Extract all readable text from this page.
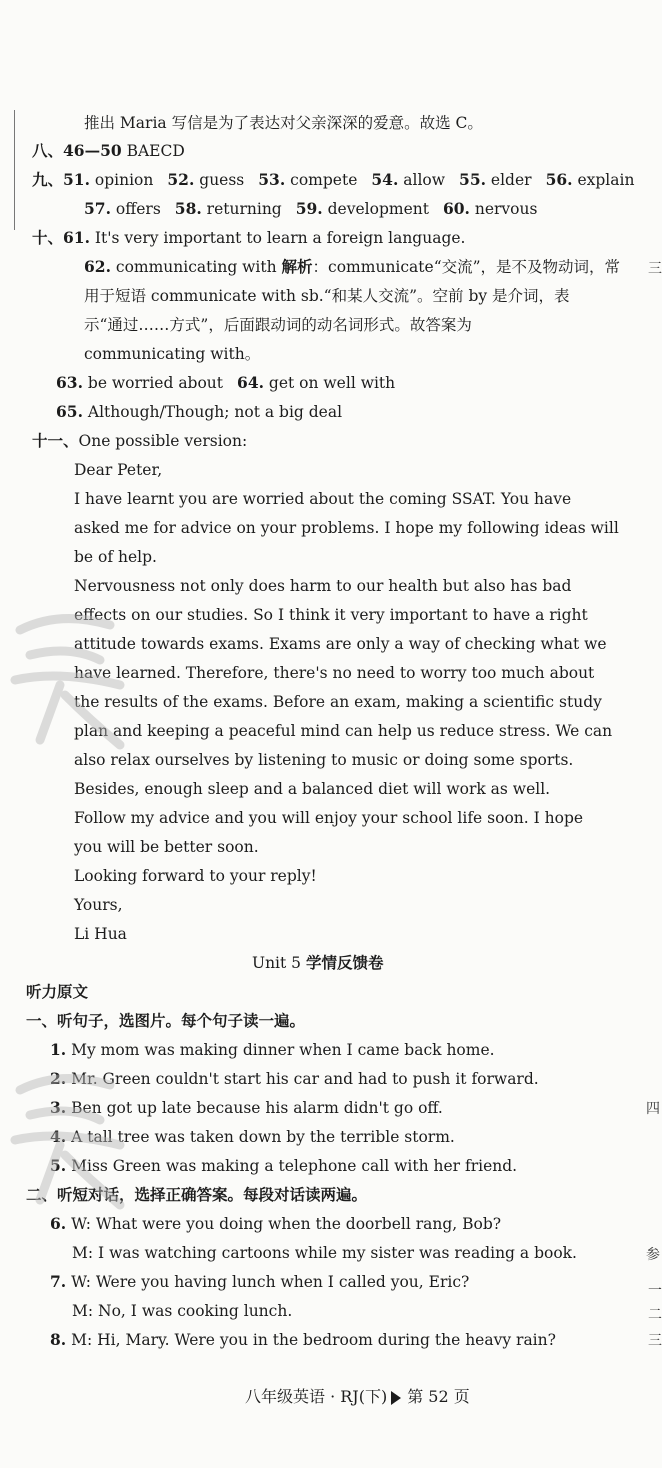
推出 Maria 写信是为了表达对父亲深深的爱意。故选 C。
八、46—50 BAECD
九、51. opinion 52. guess 53. compete 54. allow 55. elder 56. explain
57. offers 58. returning 59. development 60. nervous
十、61. It's very important to learn a foreign language.
62. communicating with 解析：communicate“交流”，是不及物动词，常
用于短语 communicate with sb.“和某人交流”。空前 by 是介词，表
示“通过……方式”，后面跟动词的动名词形式。故答案为
communicating with。
63. be worried about 64. get on well with
65. Although/Though; not a big deal
十一、One possible version:
Dear Peter,
I have learnt you are worried about the coming SSAT. You have
asked me for advice on your problems. I hope my following ideas will
be of help.
Nervousness not only does harm to our health but also has bad
effects on our studies. So I think it very important to have a right
attitude towards exams. Exams are only a way of checking what we
have learned. Therefore, there's no need to worry too much about
the results of the exams. Before an exam, making a scientific study
plan and keeping a peaceful mind can help us reduce stress. We can
also relax ourselves by listening to music or doing some sports.
Besides, enough sleep and a balanced diet will work as well.
Follow my advice and you will enjoy your school life soon. I hope
you will be better soon.
Looking forward to your reply!
Yours,
Li Hua
Unit 5 学情反馈卷
听力原文
一、听句子，选图片。每个句子读一遍。
1. My mom was making dinner when I came back home.
2. Mr. Green couldn't start his car and had to push it forward.
3. Ben got up late because his alarm didn't go off.
4. A tall tree was taken down by the terrible storm.
5. Miss Green was making a telephone call with her friend.
二、听短对话，选择正确答案。每段对话读两遍。
6. W: What were you doing when the doorbell rang, Bob?
M: I was watching cartoons while my sister was reading a book.
7. W: Were you having lunch when I called you, Eric?
M: No, I was cooking lunch.
8. M: Hi, Mary. Were you in the bedroom during the heavy rain?
八年级英语 · RJ(下) 第 52 页
三
四
参
一
二
三
